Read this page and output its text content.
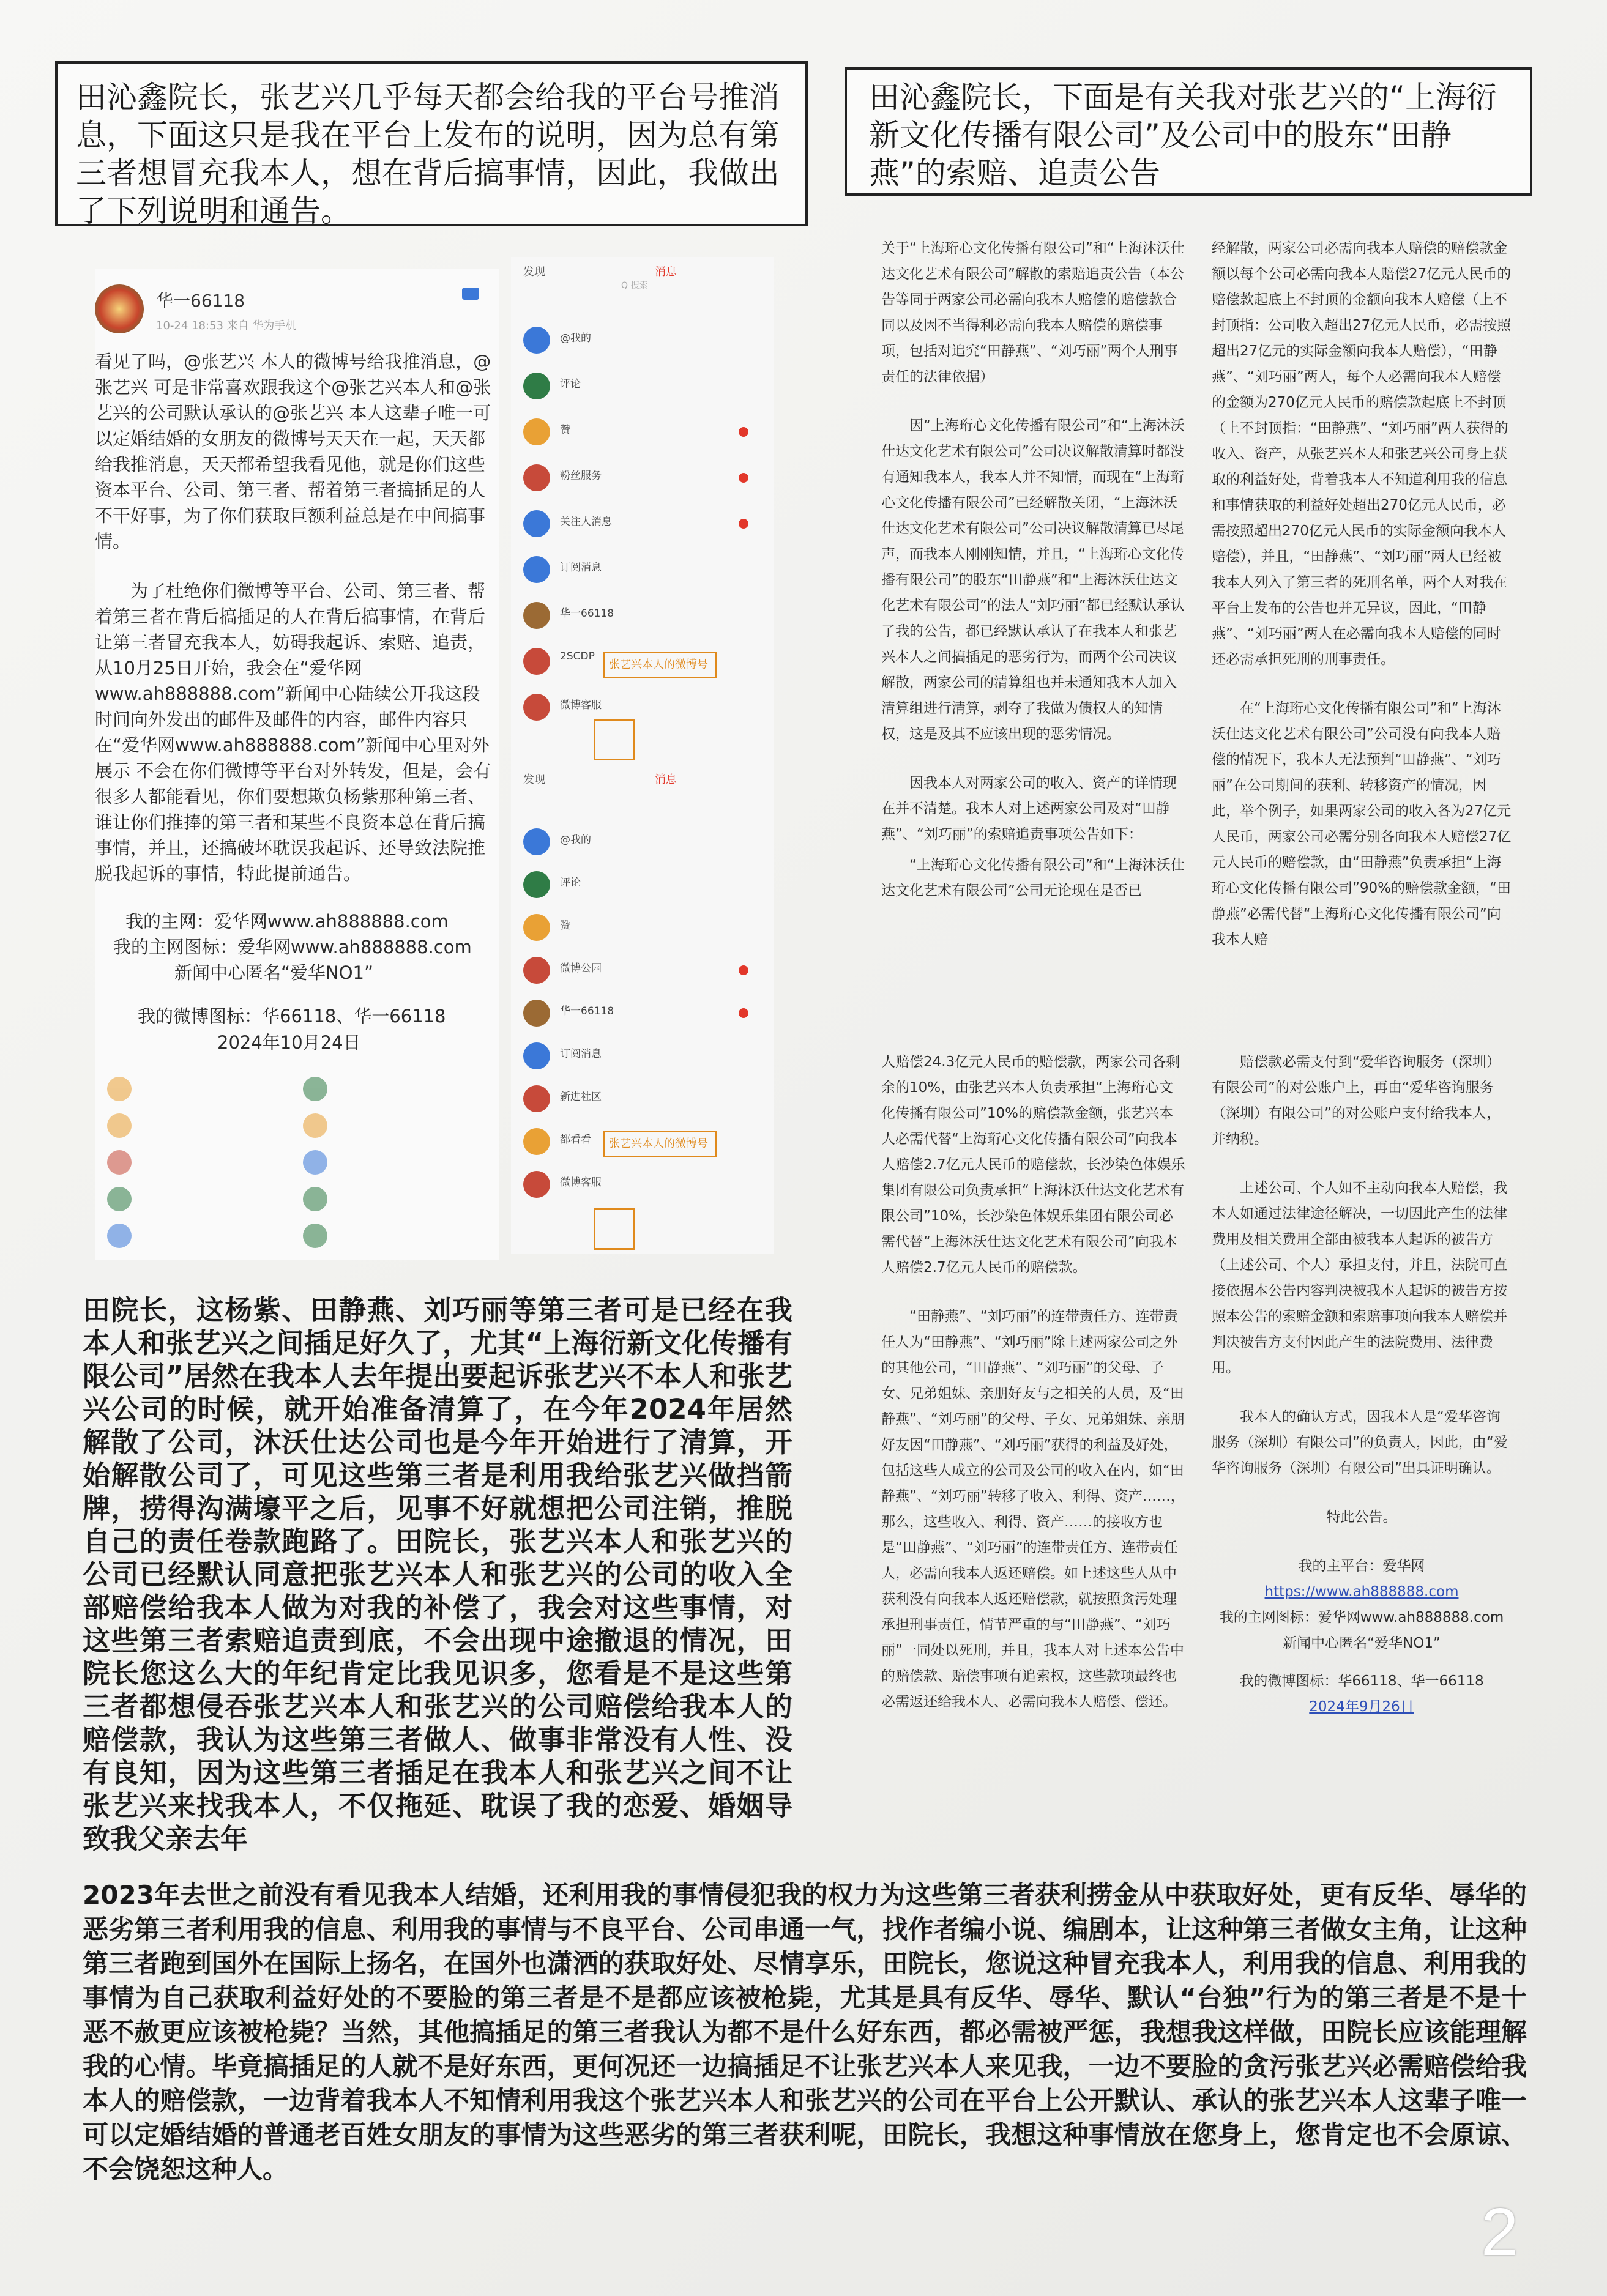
田沁鑫院长，张艺兴几乎每天都会给我的平台号推消息，下面这只是我在平台上发布的说明，因为总有第三者想冒充我本人，想在背后搞事情，因此，我做出了下列说明和通告。

田沁鑫院长，下面是有关我对张艺兴的“上海衍新文化传播有限公司”及公司中的股东“田静燕”的索赔、追责公告

华一66118
10-24 18:53 来自 华为手机

看见了吗，@张艺兴 本人的微博号给我推消息，@张艺兴 可是非常喜欢跟我这个@张艺兴本人和@张艺兴的公司默认承认的@张艺兴 本人这辈子唯一可以定婚结婚的女朋友的微博号天天在一起，天天都给我推消息，天天都希望我看见他，就是你们这些资本平台、公司、第三者、帮着第三者搞插足的人不干好事，为了你们获取巨额利益总是在中间搞事情。

为了杜绝你们微博等平台、公司、第三者、帮着第三者在背后搞插足的人在背后搞事情，在背后让第三者冒充我本人，妨碍我起诉、索赔、追责，从10月25日开始，我会在“爱华网www.ah888888.com”新闻中心陆续公开我这段时间向外发出的邮件及邮件的内容，邮件内容只在“爱华网www.ah888888.com”新闻中心里对外展示 不会在你们微博等平台对外转发，但是，会有很多人都能看见，你们要想欺负杨紫那种第三者、谁让你们推捧的第三者和某些不良资本总在背后搞事情，并且，还搞破坏耽误我起诉、还导致法院推脱我起诉的事情，特此提前通告。

我的主网：爱华网www.ah888888.com

我的主网图标：爱华网www.ah888888.com

新闻中心匿名“爱华NO1”

我的微博图标：华66118、华一66118

2024年10月24日

发现	消息
Q 搜索
@我的
评论
赞
粉丝服务
关注人消息
订阅消息
华一66118
2SCDP
微博客服
张艺兴本人的微博号
发现	消息
@我的
评论
赞
微博公园
华一66118
订阅消息
新进社区
都看看
微博客服
张艺兴本人的微博号

关于“上海珩心文化传播有限公司”和“上海沐沃仕达文化艺术有限公司”解散的索赔追责公告（本公告等同于两家公司必需向我本人赔偿的赔偿款合同以及因不当得利必需向我本人赔偿的赔偿事项，包括对追究“田静燕”、“刘巧丽”两个人刑事责任的法律依据）

因“上海珩心文化传播有限公司”和“上海沐沃仕达文化艺术有限公司”公司决议解散清算时都没有通知我本人，我本人并不知情，而现在“上海珩心文化传播有限公司”已经解散关闭，“上海沐沃仕达文化艺术有限公司”公司决议解散清算已尽尾声，而我本人刚刚知情，并且，“上海珩心文化传播有限公司”的股东“田静燕”和“上海沐沃仕达文化艺术有限公司”的法人“刘巧丽”都已经默认承认了我的公告，都已经默认承认了在我本人和张艺兴本人之间搞插足的恶劣行为，而两个公司决议解散，两家公司的清算组也并未通知我本人加入清算组进行清算，剥夺了我做为债权人的知情权，这是及其不应该出现的恶劣情况。

因我本人对两家公司的收入、资产的详情现在并不清楚。我本人对上述两家公司及对“田静燕”、“刘巧丽”的索赔追责事项公告如下：

“上海珩心文化传播有限公司”和“上海沐沃仕达文化艺术有限公司”公司无论现在是否已

经解散，两家公司必需向我本人赔偿的赔偿款金额以每个公司必需向我本人赔偿27亿元人民币的赔偿款起底上不封顶的金额向我本人赔偿（上不封顶指：公司收入超出27亿元人民币，必需按照超出27亿元的实际金额向我本人赔偿），“田静燕”、“刘巧丽”两人，每个人必需向我本人赔偿的金额为270亿元人民币的赔偿款起底上不封顶（上不封顶指：“田静燕”、“刘巧丽”两人获得的收入、资产，从张艺兴本人和张艺兴公司身上获取的利益好处，背着我本人不知道利用我的信息和事情获取的利益好处超出270亿元人民币，必需按照超出270亿元人民币的实际金额向我本人赔偿），并且，“田静燕”、“刘巧丽”两人已经被我本人列入了第三者的死刑名单，两个人对我在平台上发布的公告也并无异议，因此，“田静燕”、“刘巧丽”两人在必需向我本人赔偿的同时还必需承担死刑的刑事责任。

在“上海珩心文化传播有限公司”和“上海沐沃仕达文化艺术有限公司”公司没有向我本人赔偿的情况下，我本人无法预判“田静燕”、“刘巧丽”在公司期间的获利、转移资产的情况，因此，举个例子，如果两家公司的收入各为27亿元人民币，两家公司必需分别各向我本人赔偿27亿元人民币的赔偿款，由“田静燕”负责承担“上海珩心文化传播有限公司”90%的赔偿款金额，“田静燕”必需代替“上海珩心文化传播有限公司”向我本人赔

人赔偿24.3亿元人民币的赔偿款，两家公司各剩余的10%，由张艺兴本人负责承担“上海珩心文化传播有限公司”10%的赔偿款金额，张艺兴本人必需代替“上海珩心文化传播有限公司”向我本人赔偿2.7亿元人民币的赔偿款，长沙染色体娱乐集团有限公司负责承担“上海沐沃仕达文化艺术有限公司”10%，长沙染色体娱乐集团有限公司必需代替“上海沐沃仕达文化艺术有限公司”向我本人赔偿2.7亿元人民币的赔偿款。

“田静燕”、“刘巧丽”的连带责任方、连带责任人为“田静燕”、“刘巧丽”除上述两家公司之外的其他公司，“田静燕”、“刘巧丽”的父母、子女、兄弟姐妹、亲朋好友与之相关的人员，及“田静燕”、“刘巧丽”的父母、子女、兄弟姐妹、亲朋好友因“田静燕”、“刘巧丽”获得的利益及好处，包括这些人成立的公司及公司的收入在内，如“田静燕”、“刘巧丽”转移了收入、利得、资产……，那么，这些收入、利得、资产……的接收方也是“田静燕”、“刘巧丽”的连带责任方、连带责任人，必需向我本人返还赔偿。如上述这些人从中获利没有向我本人返还赔偿款，就按照贪污处理承担刑事责任，情节严重的与“田静燕”、“刘巧丽”一同处以死刑，并且，我本人对上述本公告中的赔偿款、赔偿事项有追索权，这些款项最终也必需返还给我本人、必需向我本人赔偿、偿还。

赔偿款必需支付到“爱华咨询服务（深圳）有限公司”的对公账户上，再由“爱华咨询服务（深圳）有限公司”的对公账户支付给我本人，并纳税。

上述公司、个人如不主动向我本人赔偿，我本人如通过法律途径解决，一切因此产生的法律费用及相关费用全部由被我本人起诉的被告方（上述公司、个人）承担支付，并且，法院可直接依据本公告内容判决被我本人起诉的被告方按照本公告的索赔金额和索赔事项向我本人赔偿并判决被告方支付因此产生的法院费用、法律费用。

我本人的确认方式，因我本人是“爱华咨询服务（深圳）有限公司”的负责人，因此，由“爱华咨询服务（深圳）有限公司”出具证明确认。

特此公告。

我的主平台：爱华网

https://www.ah888888.com

我的主网图标：爱华网www.ah888888.com

新闻中心匿名“爱华NO1”

我的微博图标：华66118、华一66118

2024年9月26日

田院长，这杨紫、田静燕、刘巧丽等第三者可是已经在我本人和张艺兴之间插足好久了，尤其“上海衍新文化传播有限公司”居然在我本人去年提出要起诉张艺兴不本人和张艺兴公司的时候，就开始准备清算了，在今年2024年居然解散了公司，沐沃仕达公司也是今年开始进行了清算，开始解散公司了，可见这些第三者是利用我给张艺兴做挡箭牌，捞得沟满壕平之后，见事不好就想把公司注销，推脱自己的责任卷款跑路了。田院长，张艺兴本人和张艺兴的公司已经默认同意把张艺兴本人和张艺兴的公司的收入全部赔偿给我本人做为对我的补偿了，我会对这些事情，对这些第三者索赔追责到底，不会出现中途撤退的情况，田院长您这么大的年纪肯定比我见识多，您看是不是这些第三者都想侵吞张艺兴本人和张艺兴的公司赔偿给我本人的赔偿款，我认为这些第三者做人、做事非常没有人性、没有良知，因为这些第三者插足在我本人和张艺兴之间不让张艺兴来找我本人，不仅拖延、耽误了我的恋爱、婚姻导致我父亲去年
2023年去世之前没有看见我本人结婚，还利用我的事情侵犯我的权力为这些第三者获利捞金从中获取好处，更有反华、辱华的恶劣第三者利用我的信息、利用我的事情与不良平台、公司串通一气，找作者编小说、编剧本，让这种第三者做女主角，让这种第三者跑到国外在国际上扬名，在国外也潇洒的获取好处、尽情享乐，田院长，您说这种冒充我本人，利用我的信息、利用我的事情为自己获取利益好处的不要脸的第三者是不是都应该被枪毙，尤其是具有反华、辱华、默认“台独”行为的第三者是不是十恶不赦更应该被枪毙？当然，其他搞插足的第三者我认为都不是什么好东西，都必需被严惩，我想我这样做，田院长应该能理解我的心情。毕竟搞插足的人就不是好东西，更何况还一边搞插足不让张艺兴本人来见我，一边不要脸的贪污张艺兴必需赔偿给我本人的赔偿款，一边背着我本人不知情利用我这个张艺兴本人和张艺兴的公司在平台上公开默认、承认的张艺兴本人这辈子唯一可以定婚结婚的普通老百姓女朋友的事情为这些恶劣的第三者获利呢，田院长，我想这种事情放在您身上，您肯定也不会原谅、不会饶恕这种人。
2
